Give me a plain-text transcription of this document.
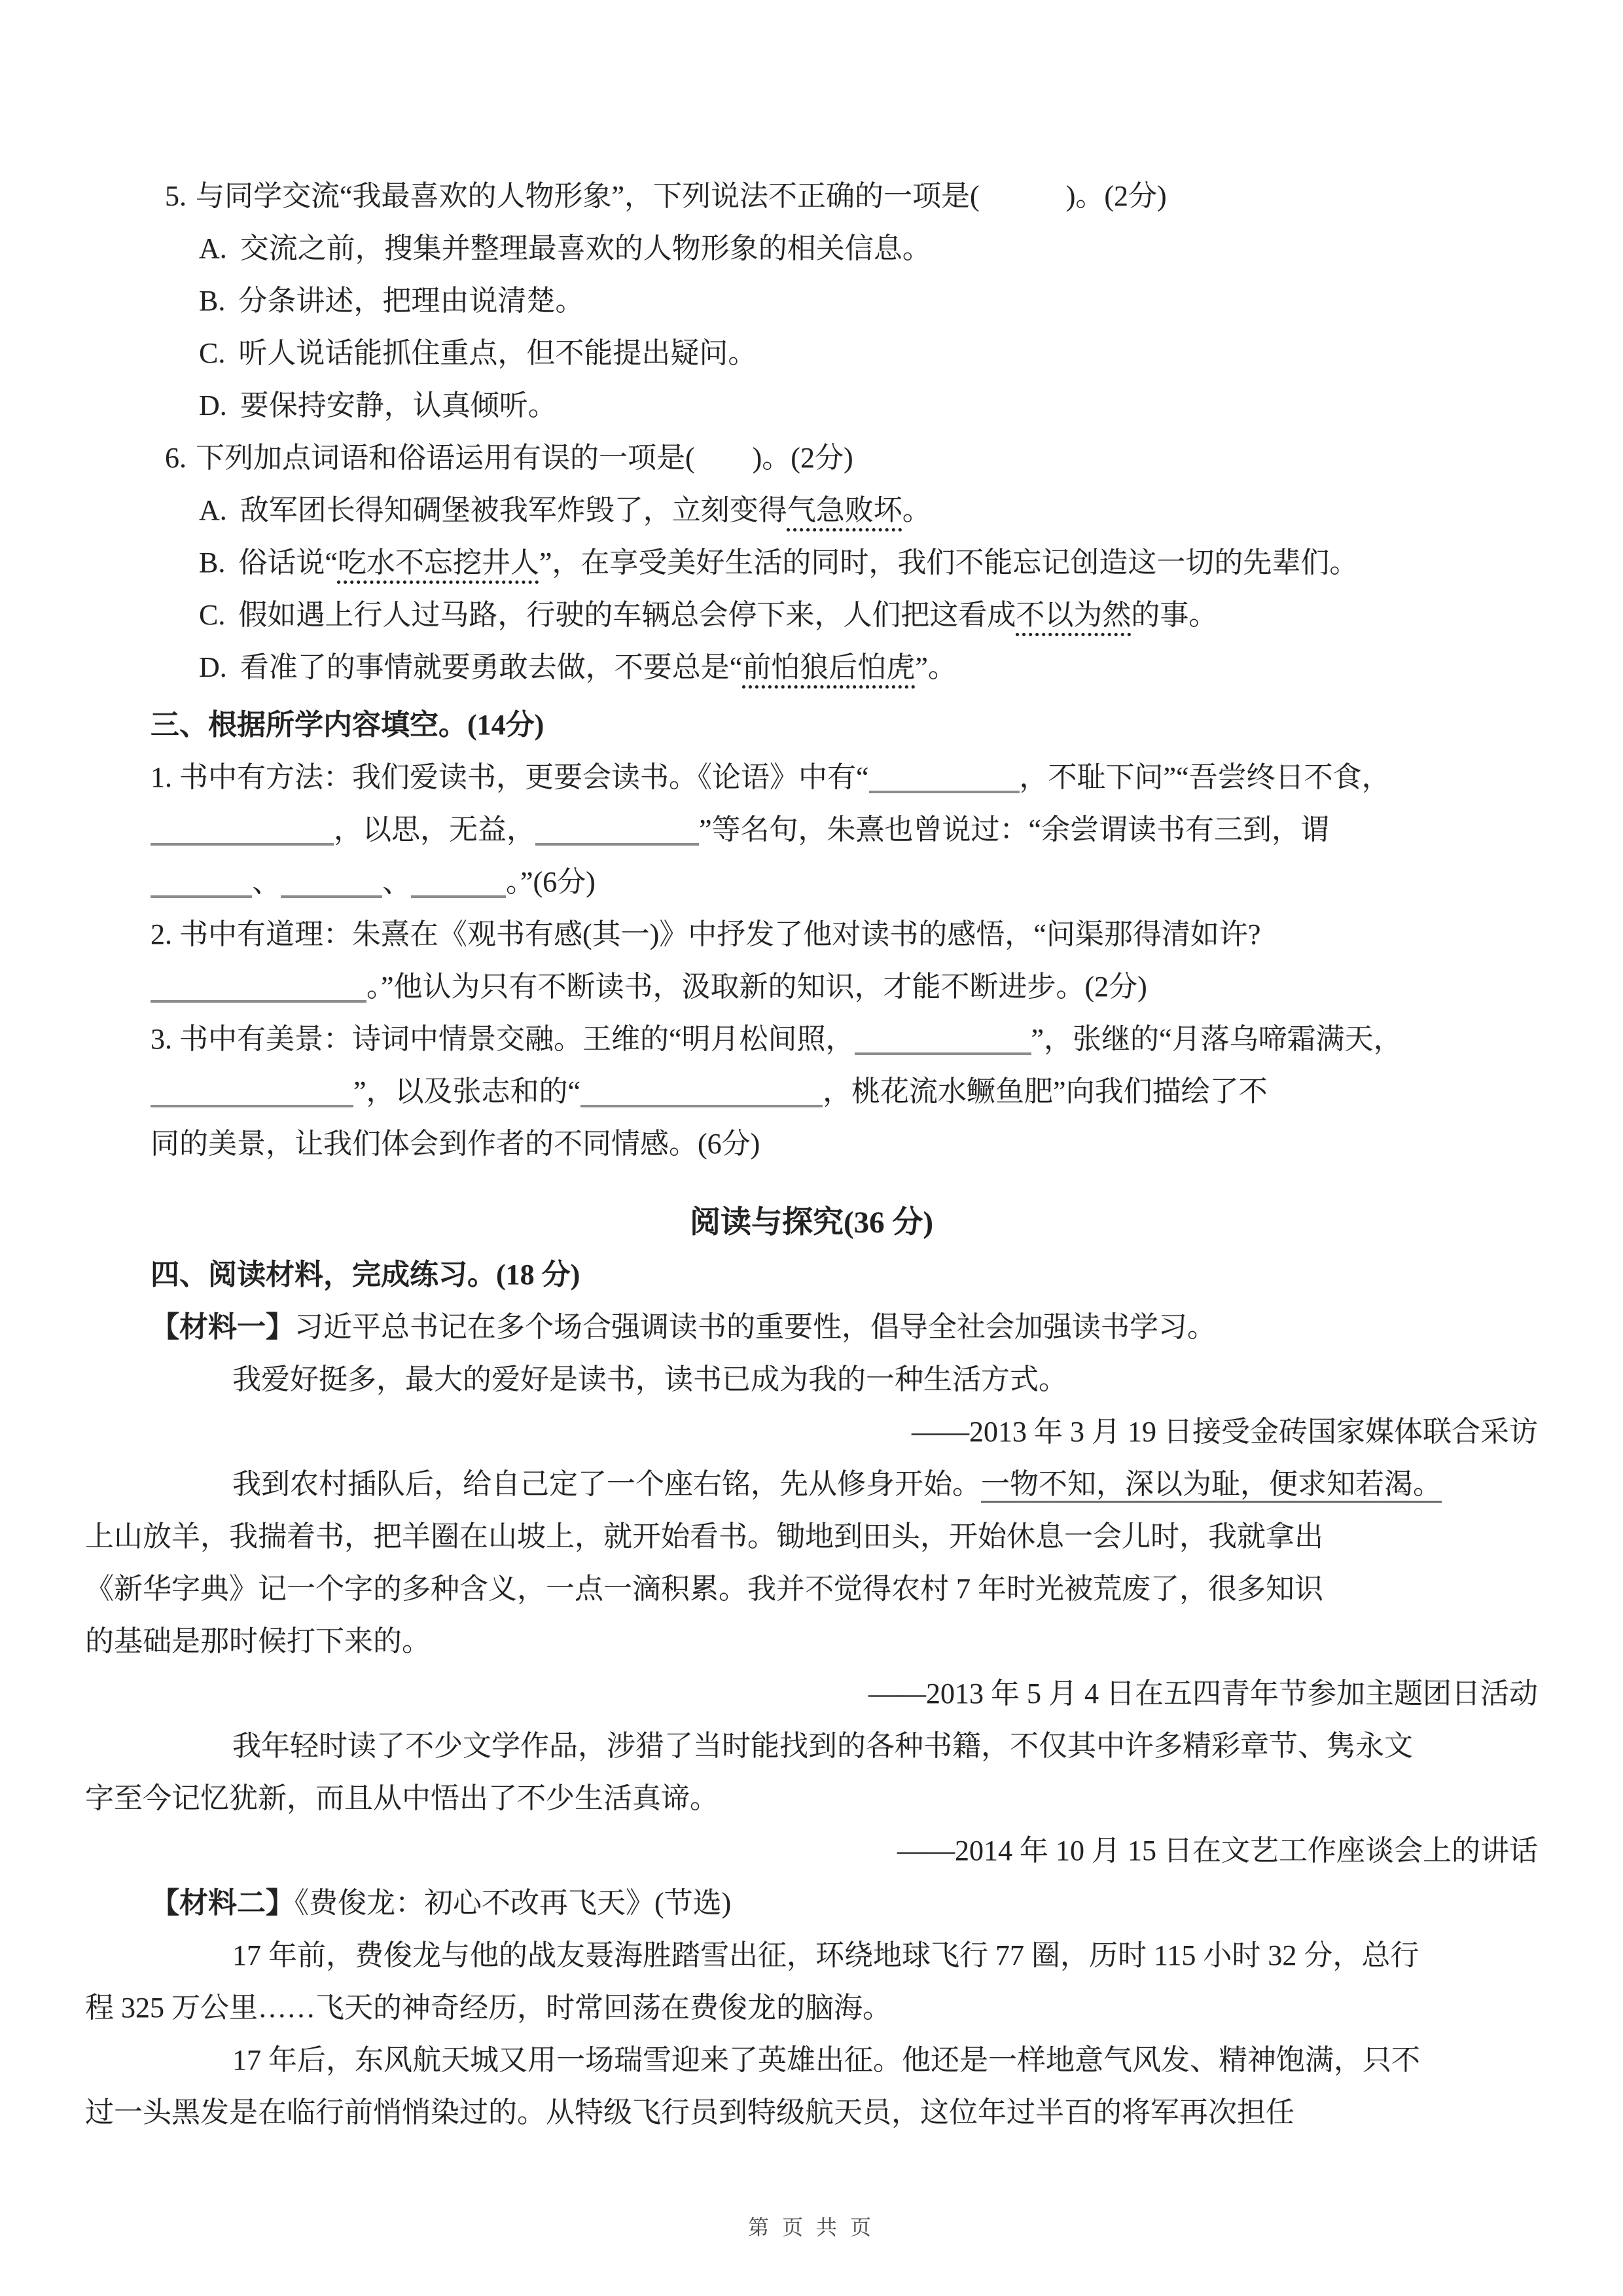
5. 与同学交流“我最喜欢的人物形象”，下列说法不正确的一项是(　　　)。(2分)
A. 交流之前，搜集并整理最喜欢的人物形象的相关信息。
B. 分条讲述，把理由说清楚。
C. 听人说话能抓住重点，但不能提出疑问。
D. 要保持安静，认真倾听。
6. 下列加点词语和俗语运用有误的一项是(　　)。(2分)
A. 敌军团长得知碉堡被我军炸毁了，立刻变得气急败坏。
B. 俗话说“吃水不忘挖井人”，在享受美好生活的同时，我们不能忘记创造这一切的先辈们。
C. 假如遇上行人过马路，行驶的车辆总会停下来，人们把这看成不以为然的事。
D. 看准了的事情就要勇敢去做，不要总是“前怕狼后怕虎”。
三、根据所学内容填空。(14分)
1. 书中有方法：我们爱读书，更要会读书。《论语》中有“	，不耻下问”“吾尝终日不食，
，以思，无益，	”等名句，朱熹也曾说过：“余尝谓读书有三到，谓
、	、	。”(6分)
2. 书中有道理：朱熹在《观书有感(其一)》中抒发了他对读书的感悟，“问渠那得清如许?
。”他认为只有不断读书，汲取新的知识，才能不断进步。(2分)
3. 书中有美景：诗词中情景交融。王维的“明月松间照，	”，张继的“月落乌啼霜满天，
”，以及张志和的“	，桃花流水鳜鱼肥”向我们描绘了不
同的美景，让我们体会到作者的不同情感。(6分)
阅读与探究(36 分)
四、阅读材料，完成练习。(18 分)
【材料一】习近平总书记在多个场合强调读书的重要性，倡导全社会加强读书学习。
我爱好挺多，最大的爱好是读书，读书已成为我的一种生活方式。
——2013 年 3 月 19 日接受金砖国家媒体联合采访
我到农村插队后，给自己定了一个座右铭，先从修身开始。一物不知，深以为耻，便求知若渴。
上山放羊，我揣着书，把羊圈在山坡上，就开始看书。锄地到田头，开始休息一会儿时，我就拿出
《新华字典》记一个字的多种含义，一点一滴积累。我并不觉得农村 7 年时光被荒废了，很多知识
的基础是那时候打下来的。
——2013 年 5 月 4 日在五四青年节参加主题团日活动
我年轻时读了不少文学作品，涉猎了当时能找到的各种书籍，不仅其中许多精彩章节、隽永文
字至今记忆犹新，而且从中悟出了不少生活真谛。
——2014 年 10 月 15 日在文艺工作座谈会上的讲话
【材料二】《费俊龙：初心不改再飞天》(节选)
17 年前，费俊龙与他的战友聂海胜踏雪出征，环绕地球飞行 77 圈，历时 115 小时 32 分，总行
程 325 万公里……飞天的神奇经历，时常回荡在费俊龙的脑海。
17 年后，东风航天城又用一场瑞雪迎来了英雄出征。他还是一样地意气风发、精神饱满，只不
过一头黑发是在临行前悄悄染过的。从特级飞行员到特级航天员，这位年过半百的将军再次担任
第 页 共 页
